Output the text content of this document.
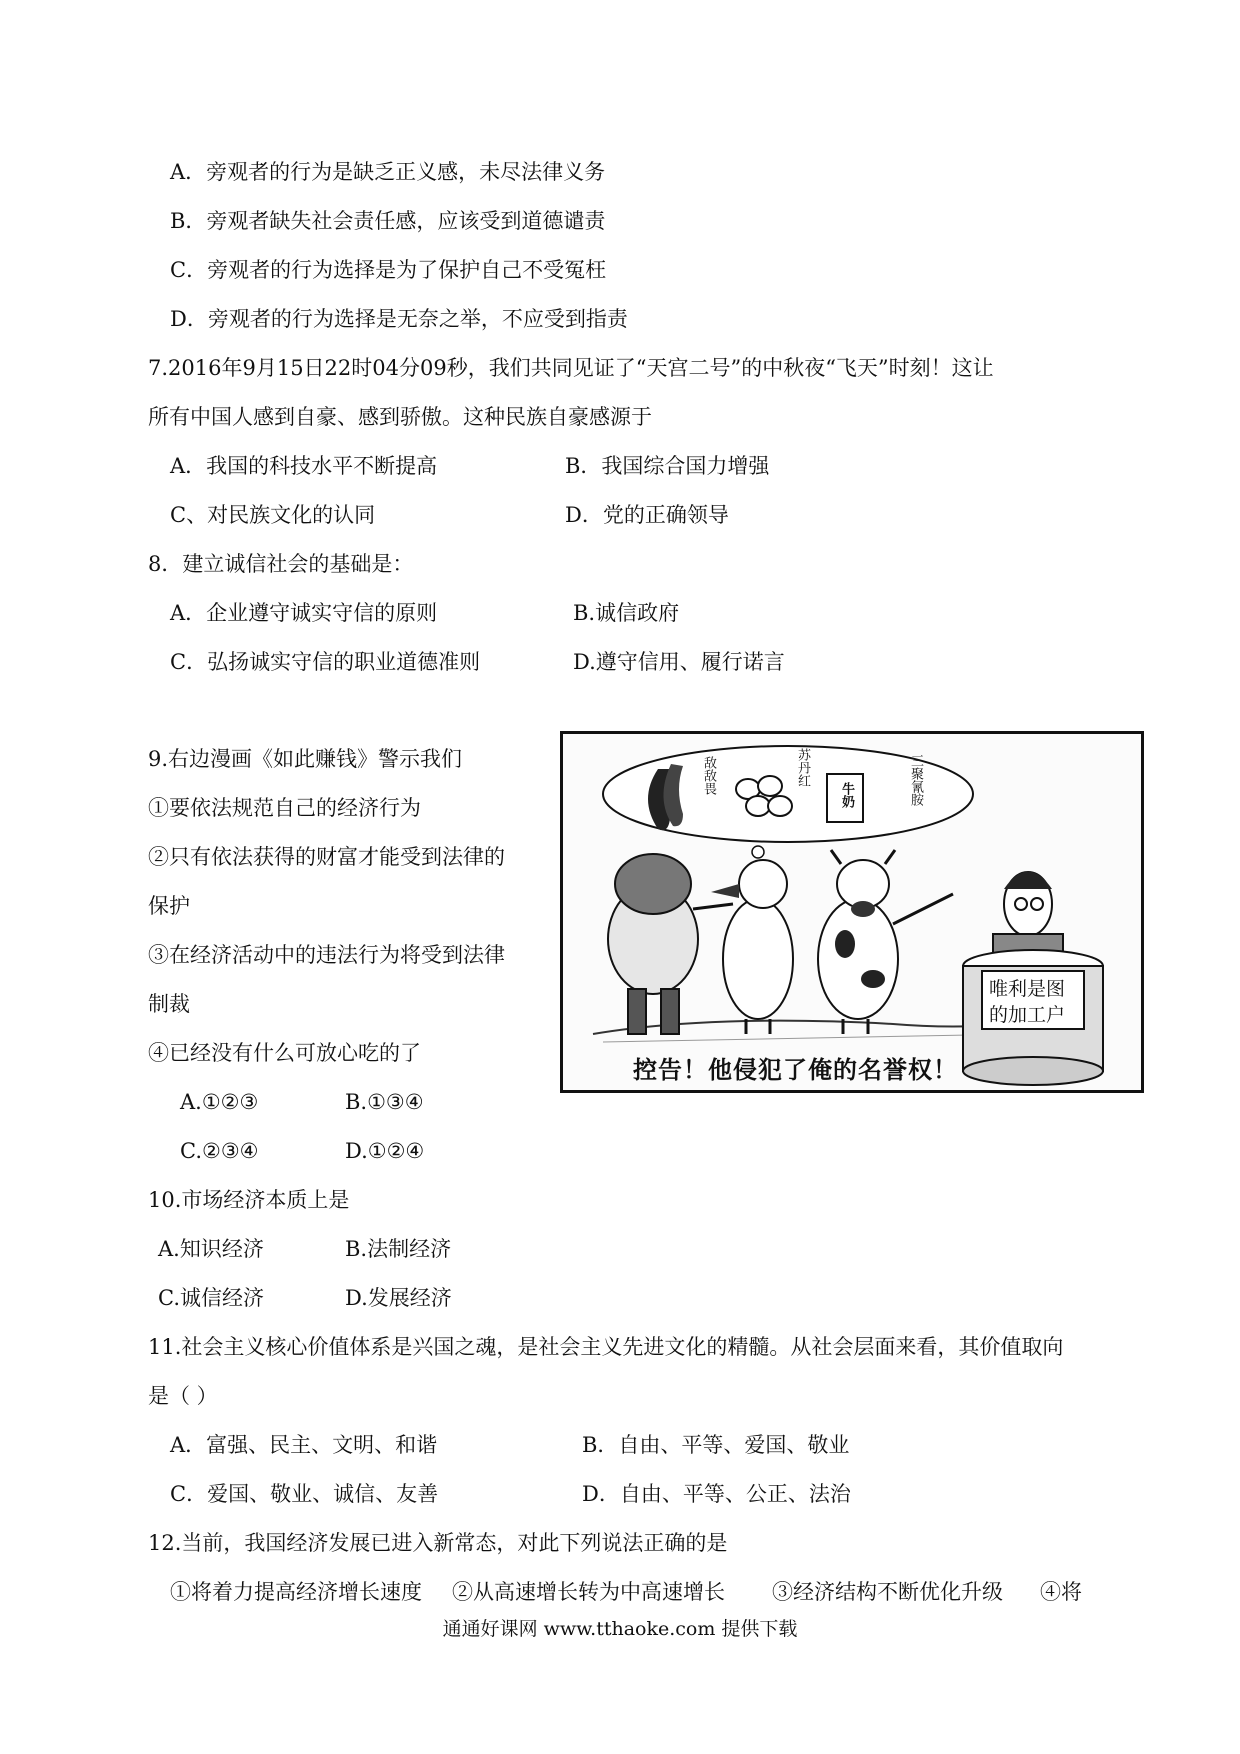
A．旁观者的行为是缺乏正义感，未尽法律义务
B．旁观者缺失社会责任感，应该受到道德谴责
C．旁观者的行为选择是为了保护自己不受冤枉
D．旁观者的行为选择是无奈之举，不应受到指责
7.2016年9月15日22时04分09秒，我们共同见证了“天宫二号”的中秋夜“飞天”时刻！这让
所有中国人感到自豪、感到骄傲。这种民族自豪感源于
A．我国的科技水平不断提高	B．我国综合国力增强
C、对民族文化的认同	D．党的正确领导
8．建立诚信社会的基础是：
A．企业遵守诚实守信的原则	B.诚信政府
C．弘扬诚实守信的职业道德准则	D.遵守信用、履行诺言
9.右边漫画《如此赚钱》警示我们
①要依法规范自己的经济行为
②只有依法获得的财富才能受到法律的
保护
③在经济活动中的违法行为将受到法律
制裁
④已经没有什么可放心吃的了
A.①②③	B.①③④
C.②③④	D.①②④
敌敌畏	苏丹红
牛奶	三聚氰胺
唯利是图
的加工户
控告！他侵犯了俺的名誉权！
10.市场经济本质上是
A.知识经济	B.法制经济
C.诚信经济	D.发展经济
11.社会主义核心价值体系是兴国之魂，是社会主义先进文化的精髓。从社会层面来看，其价值取向
是（ ）
A．富强、民主、文明、和谐	B．自由、平等、爱国、敬业
C．爱国、敬业、诚信、友善	D．自由、平等、公正、法治
12.当前，我国经济发展已进入新常态，对此下列说法正确的是
①将着力提高经济增长速度 ②从高速增长转为中高速增长 ③经济结构不断优化升级 ④将
通通好课网 www.tthaoke.com 提供下载
